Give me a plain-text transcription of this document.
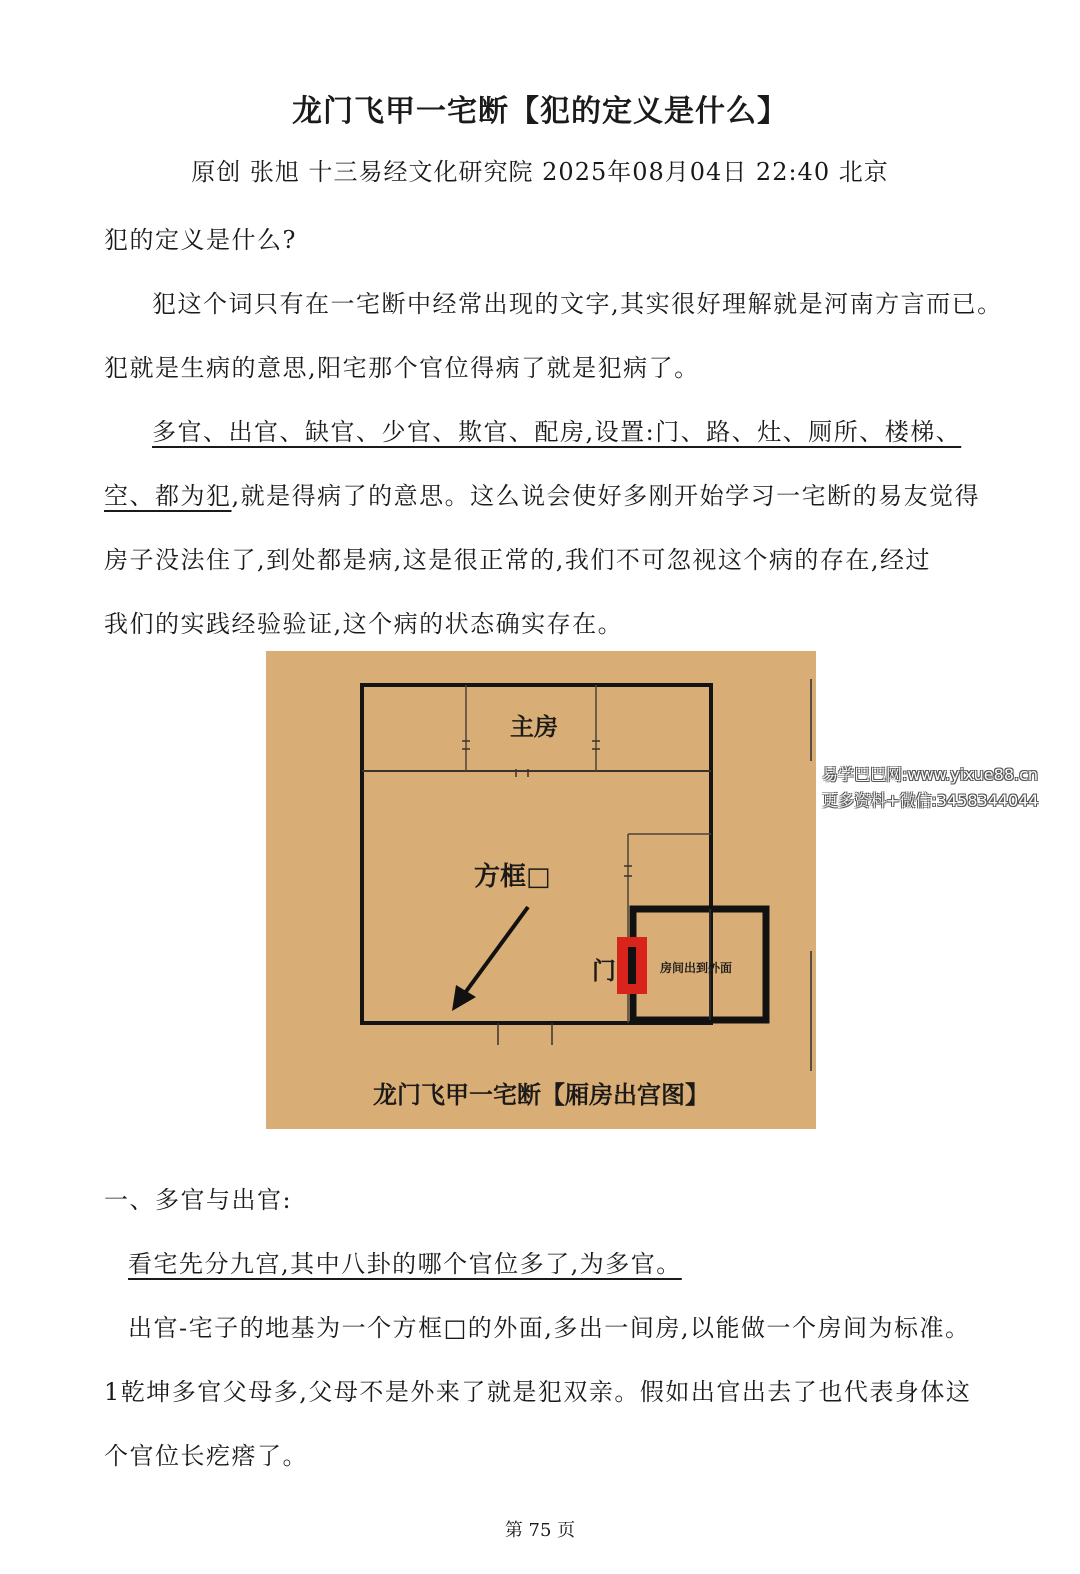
龙门飞甲一宅断【犯的定义是什么】
原创 张旭 十三易经文化研究院 2025年08月04日 22:40 北京
犯的定义是什么?
犯这个词只有在一宅断中经常出现的文字,其实很好理解就是河南方言而已。
犯就是生病的意思,阳宅那个官位得病了就是犯病了。
多官、出官、缺官、少官、欺官、配房,设置:门、路、灶、厕所、楼梯、
空、都为犯,就是得病了的意思。这么说会使好多刚开始学习一宅断的易友觉得
房子没法住了,到处都是病,这是很正常的,我们不可忽视这个病的存在,经过
我们的实践经验验证,这个病的状态确实存在。
主房
方框□
门	房间出到外面
龙门飞甲一宅断【厢房出宫图】
易学巴巴网:www.yixue88.cn
更多资料+微信:3458344044
一、多官与出官:
看宅先分九宫,其中八卦的哪个官位多了,为多官。
出官-宅子的地基为一个方框□的外面,多出一间房,以能做一个房间为标准。
1乾坤多官父母多,父母不是外来了就是犯双亲。假如出官出去了也代表身体这
个官位长疙瘩了。
第 75 页
